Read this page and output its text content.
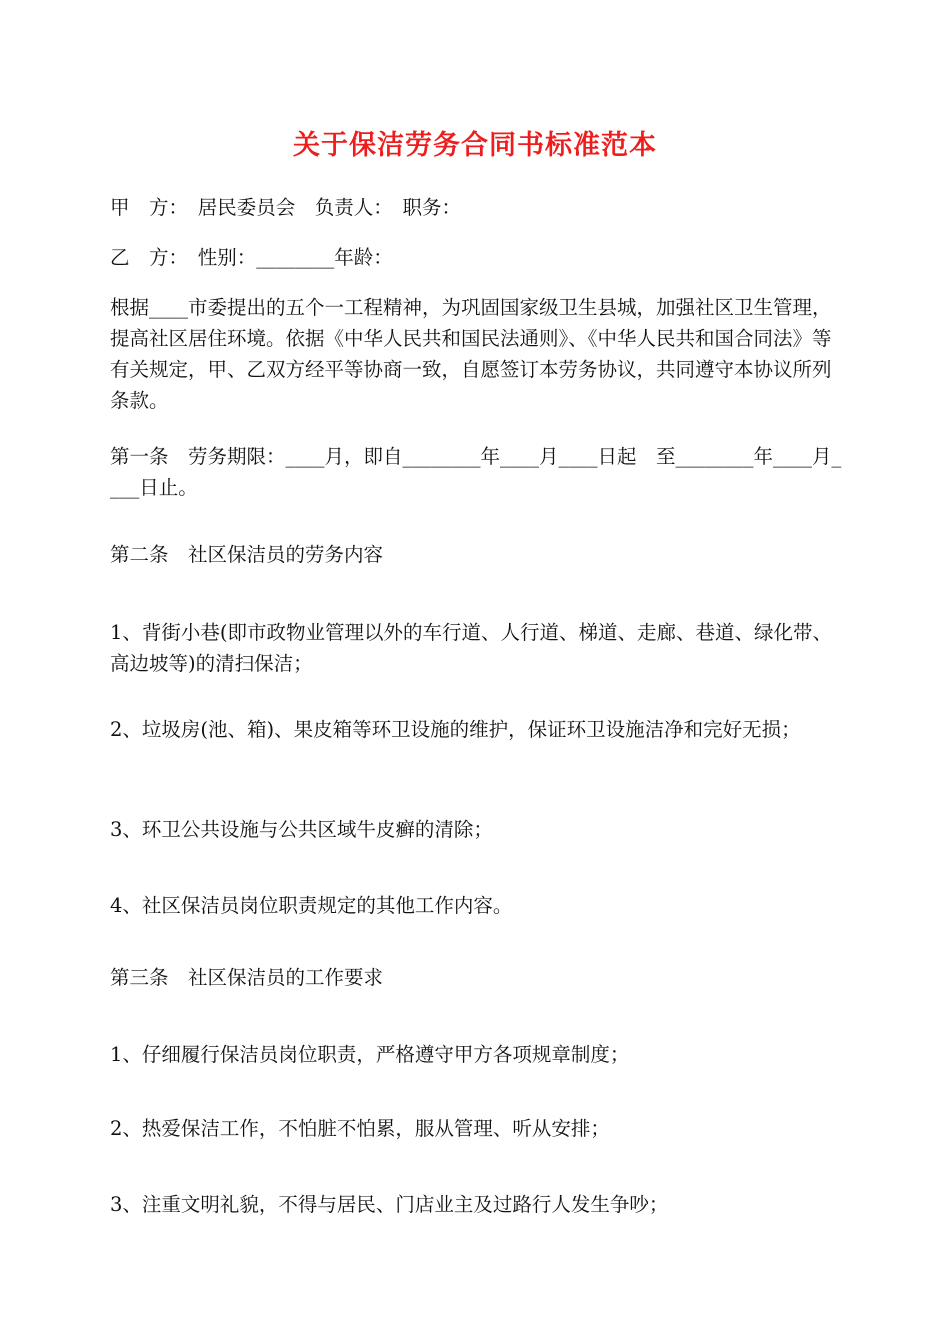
关于保洁劳务合同书标准范本

甲　方：　居民委员会　负责人：　职务：

乙　方：　性别：________年龄：

根据____市委提出的五个一工程精神，为巩固国家级卫生县城，加强社区卫生管理，提高社区居住环境。依据《中华人民共和国民法通则》、《中华人民共和国合同法》等有关规定，甲、乙双方经平等协商一致，自愿签订本劳务协议，共同遵守本协议所列条款。

第一条　劳务期限：____月，即自________年____月____日起　至________年____月____日止。

第二条　社区保洁员的劳务内容

1、背街小巷(即市政物业管理以外的车行道、人行道、梯道、走廊、巷道、绿化带、高边坡等)的清扫保洁；

2、垃圾房(池、箱)、果皮箱等环卫设施的维护，保证环卫设施洁净和完好无损；

3、环卫公共设施与公共区域牛皮癣的清除；

4、社区保洁员岗位职责规定的其他工作内容。

第三条　社区保洁员的工作要求

1、仔细履行保洁员岗位职责，严格遵守甲方各项规章制度；

2、热爱保洁工作，不怕脏不怕累，服从管理、听从安排；

3、注重文明礼貌，不得与居民、门店业主及过路行人发生争吵；
